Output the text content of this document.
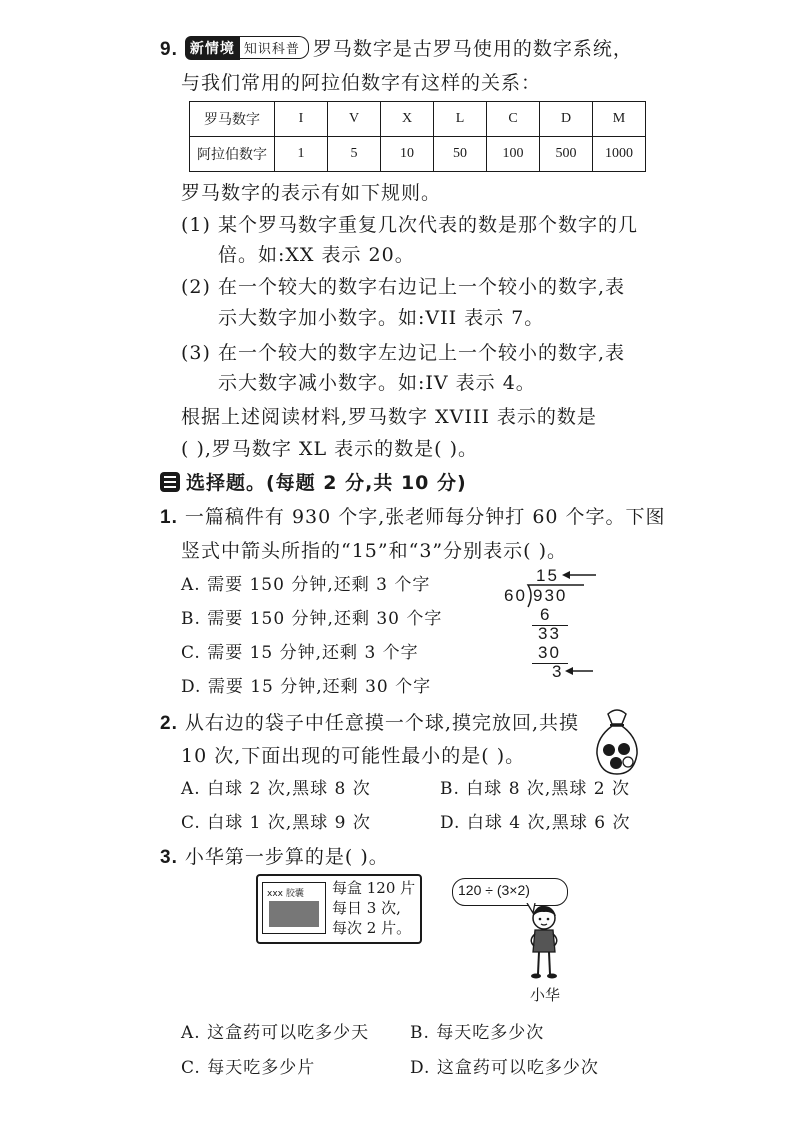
9. 新情境 知识科普 罗马数字是古罗马使用的数字系统，
与我们常用的阿拉伯数字有这样的关系：
罗马数字	I	V	X	L	C	D	M
阿拉伯数字	1	5	10	50	100	500	1000
罗马数字的表示有如下规则。
(1) 某个罗马数字重复几次代表的数是那个数字的几
倍。如:XX 表示 20。
(2) 在一个较大的数字右边记上一个较小的数字,表
示大数字加小数字。如:VII 表示 7。
(3) 在一个较大的数字左边记上一个较小的数字,表
示大数字减小数字。如:IV 表示 4。
根据上述阅读材料,罗马数字 XVIII 表示的数是
( ),罗马数字 XL 表示的数是( )。
选择题。(每题 2 分,共 10 分)
1. 一篇稿件有 930 个字,张老师每分钟打 60 个字。下图
竖式中箭头所指的“15”和“3”分别表示( )。
A. 需要 150 分钟,还剩 3 个字
B. 需要 150 分钟,还剩 30 个字
C. 需要 15 分钟,还剩 3 个字
D. 需要 15 分钟,还剩 30 个字
15
60 930
6
33
30
3
2. 从右边的袋子中任意摸一个球,摸完放回,共摸
10 次,下面出现的可能性最小的是( )。
A. 白球 2 次,黑球 8 次	B. 白球 8 次,黑球 2 次
C. 白球 1 次,黑球 9 次	D. 白球 4 次,黑球 6 次
3. 小华第一步算的是( )。
xxx 胶囊	每盒 120 片
每日 3 次,
每次 2 片。
120 ÷ (3×2)
小华
A. 这盒药可以吃多少天 B. 每天吃多少次
C. 每天吃多少片	D. 这盒药可以吃多少次
